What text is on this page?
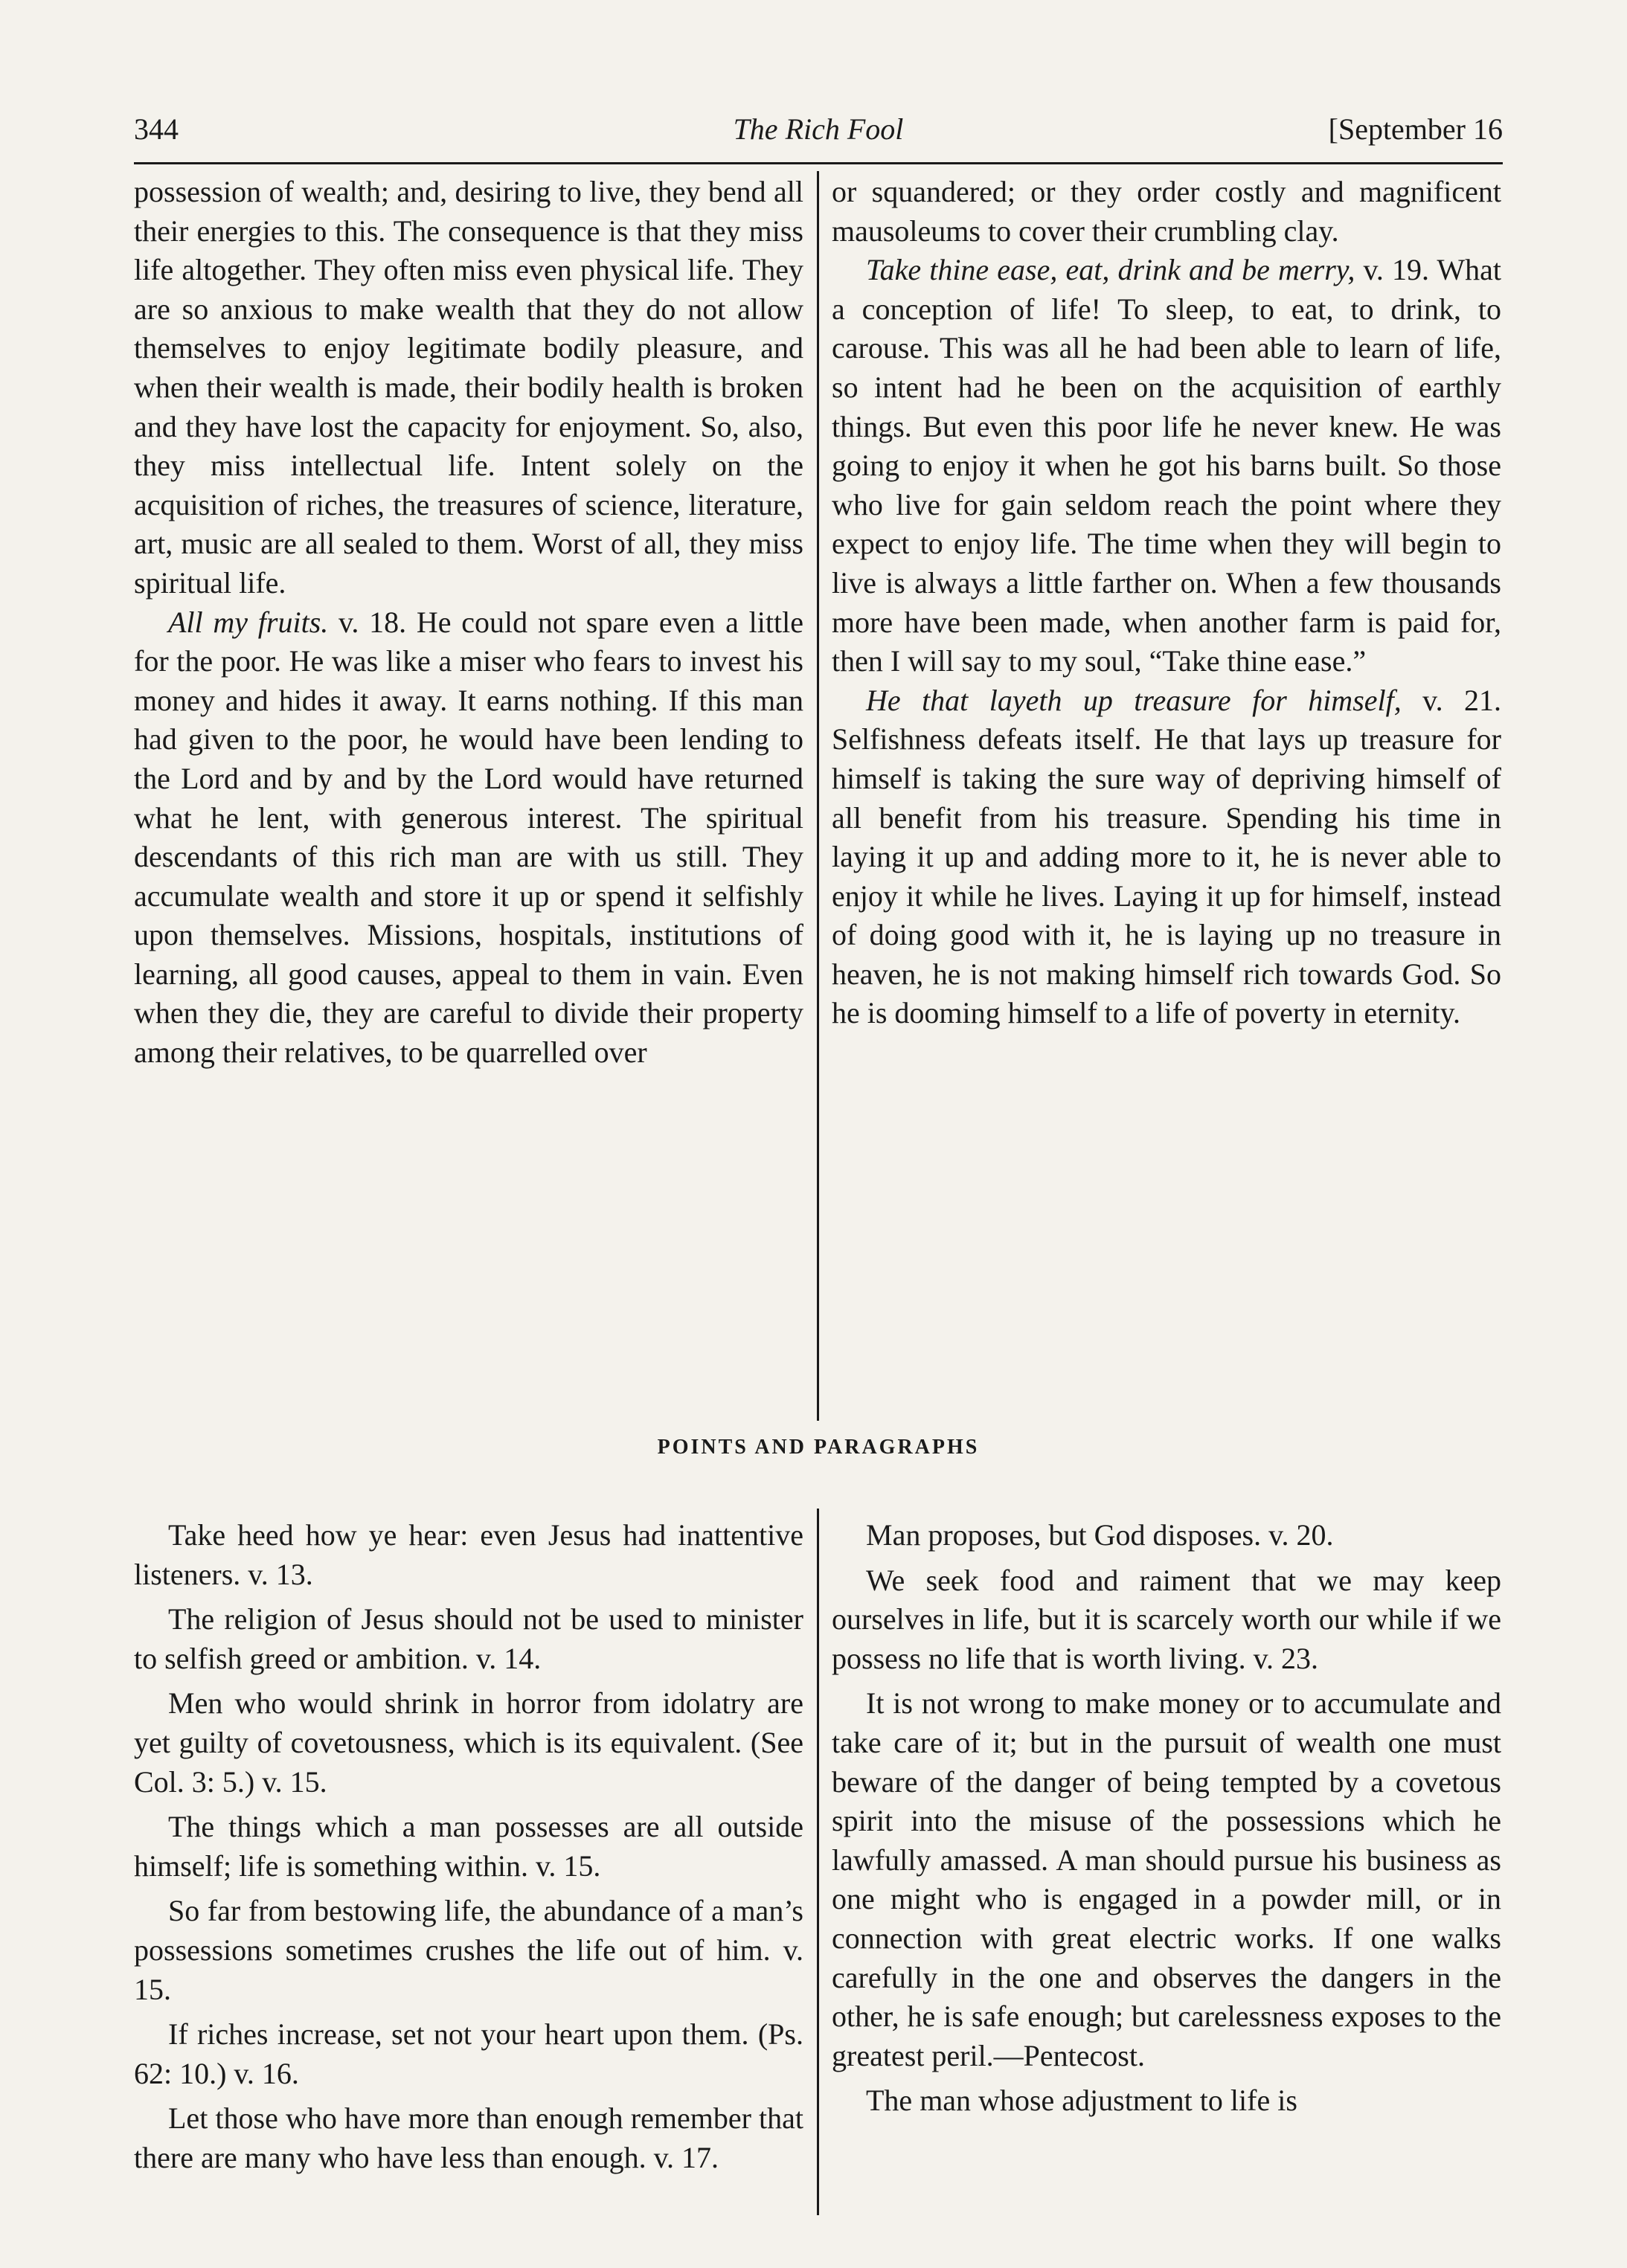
344	The Rich Fool	[September 16

possession of wealth; and, desiring to live, they bend all their energies to this. The consequence is that they miss life altogether. They often miss even physical life. They are so anxious to make wealth that they do not allow themselves to enjoy legitimate bodily pleasure, and when their wealth is made, their bodily health is broken and they have lost the capacity for enjoyment. So, also, they miss intellectual life. Intent solely on the acquisition of riches, the treasures of science, literature, art, music are all sealed to them. Worst of all, they miss spiritual life.

All my fruits. v. 18. He could not spare even a little for the poor. He was like a miser who fears to invest his money and hides it away. It earns nothing. If this man had given to the poor, he would have been lending to the Lord and by and by the Lord would have returned what he lent, with generous interest. The spiritual descendants of this rich man are with us still. They accumulate wealth and store it up or spend it selfishly upon themselves. Missions, hospitals, institutions of learning, all good causes, appeal to them in vain. Even when they die, they are careful to divide their property among their relatives, to be quarrelled over

or squandered; or they order costly and magnificent mausoleums to cover their crumbling clay.

Take thine ease, eat, drink and be merry, v. 19. What a conception of life! To sleep, to eat, to drink, to carouse. This was all he had been able to learn of life, so intent had he been on the acquisition of earthly things. But even this poor life he never knew. He was going to enjoy it when he got his barns built. So those who live for gain seldom reach the point where they expect to enjoy life. The time when they will begin to live is always a little farther on. When a few thousands more have been made, when another farm is paid for, then I will say to my soul, “Take thine ease.”

He that layeth up treasure for himself, v. 21. Selfishness defeats itself. He that lays up treasure for himself is taking the sure way of depriving himself of all benefit from his treasure. Spending his time in laying it up and adding more to it, he is never able to enjoy it while he lives. Laying it up for himself, instead of doing good with it, he is laying up no treasure in heaven, he is not making himself rich towards God. So he is dooming himself to a life of poverty in eternity.

POINTS AND PARAGRAPHS

Take heed how ye hear: even Jesus had inattentive listeners. v. 13.

The religion of Jesus should not be used to minister to selfish greed or ambition. v. 14.

Men who would shrink in horror from idolatry are yet guilty of covetousness, which is its equivalent. (See Col. 3: 5.) v. 15.

The things which a man possesses are all outside himself; life is something within. v. 15.

So far from bestowing life, the abundance of a man’s possessions sometimes crushes the life out of him. v. 15.

If riches increase, set not your heart upon them. (Ps. 62: 10.) v. 16.

Let those who have more than enough remember that there are many who have less than enough. v. 17.

Man proposes, but God disposes. v. 20.

We seek food and raiment that we may keep ourselves in life, but it is scarcely worth our while if we possess no life that is worth living. v. 23.

It is not wrong to make money or to accumulate and take care of it; but in the pursuit of wealth one must beware of the danger of being tempted by a covetous spirit into the misuse of the possessions which he lawfully amassed. A man should pursue his business as one might who is engaged in a powder mill, or in connection with great electric works. If one walks carefully in the one and observes the dangers in the other, he is safe enough; but carelessness exposes to the greatest peril.—Pentecost.

The man whose adjustment to life is
